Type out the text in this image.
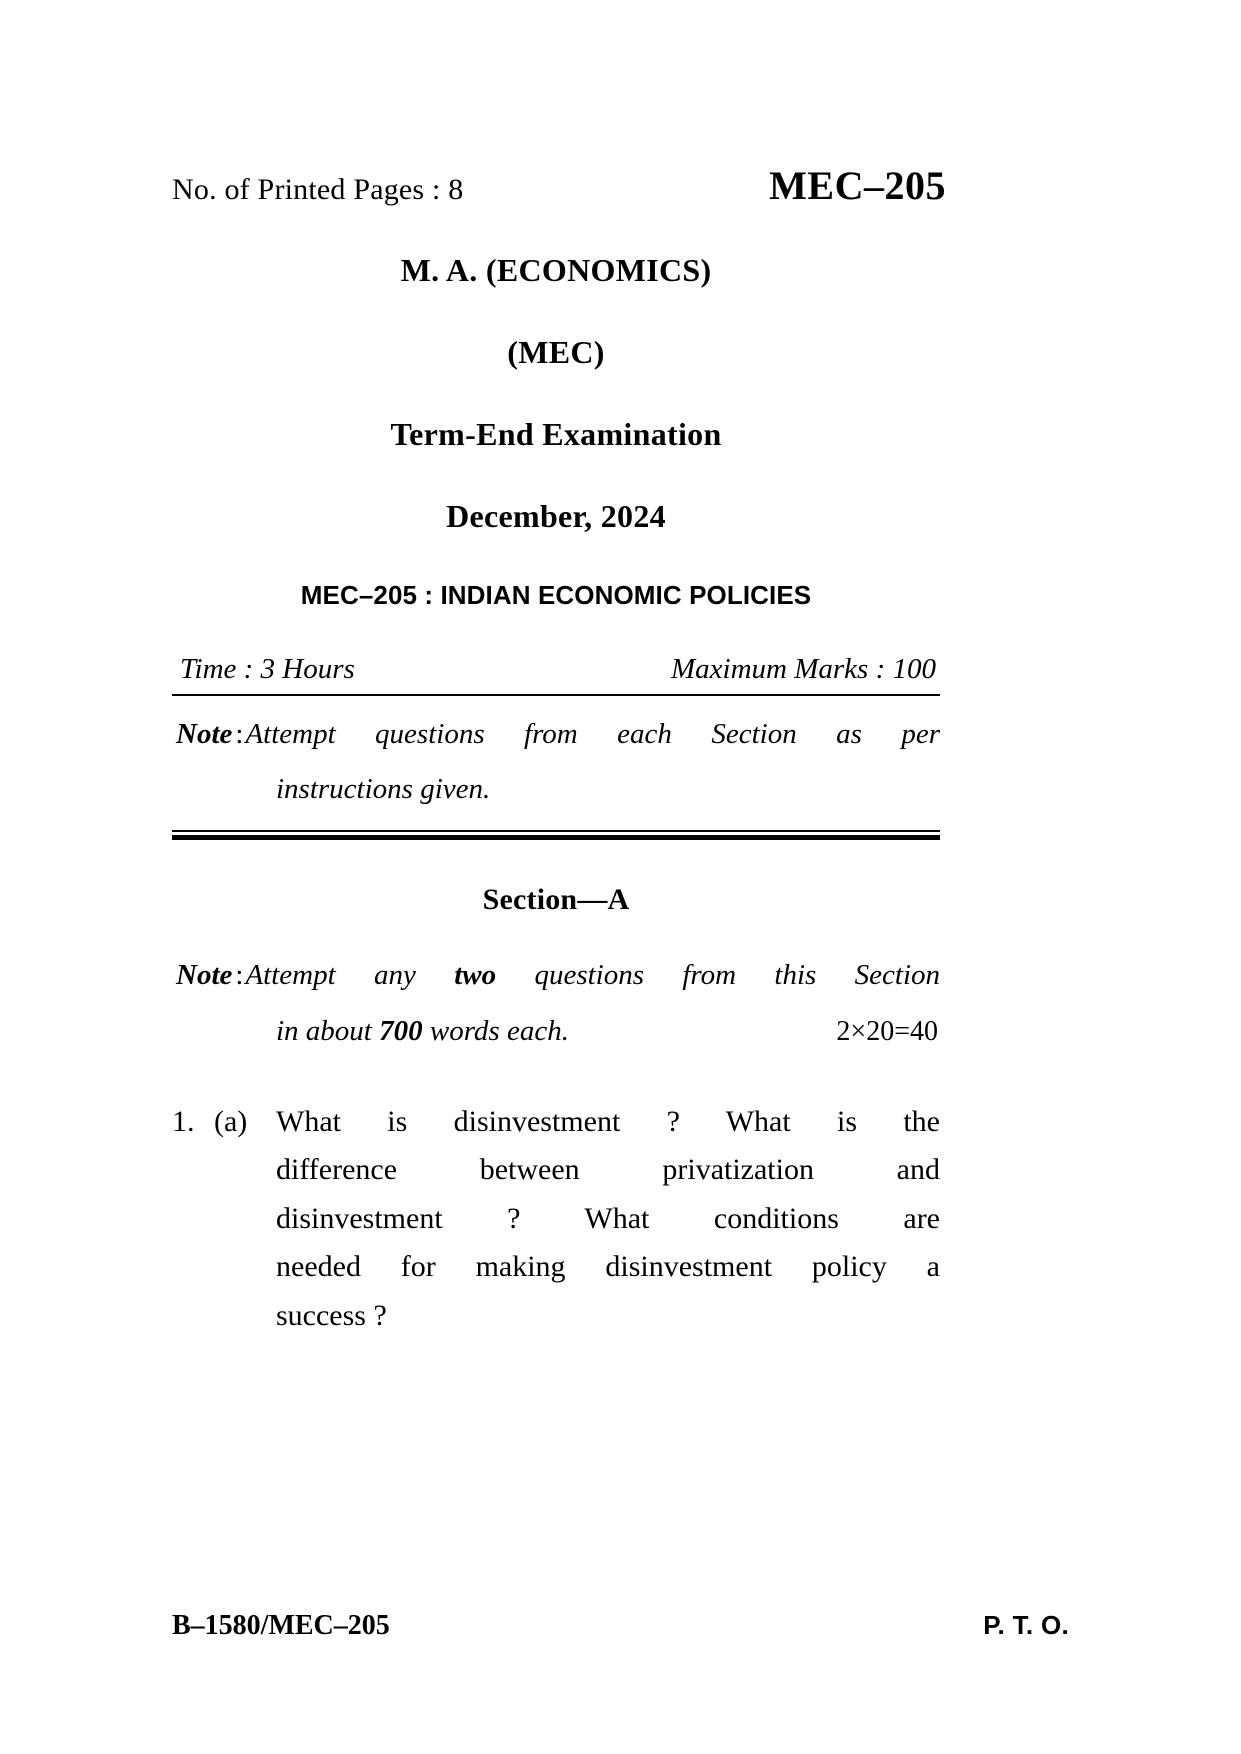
No. of Printed Pages : 8	MEC–205
M. A. (ECONOMICS)
(MEC)
Term-End Examination
December, 2024
MEC–205 : INDIAN ECONOMIC POLICIES
Time : 3 Hours	Maximum Marks : 100
Note : Attempt questions from each Section as per
instructions given.
Section—A
Note : Attempt any two questions from this Section
in about 700 words each.	2×20=40
1. (a) What is disinvestment ? What is the

difference between privatization and

disinvestment ? What conditions are

needed for making disinvestment policy a

success ?

B–1580/MEC–205	P. T. O.
